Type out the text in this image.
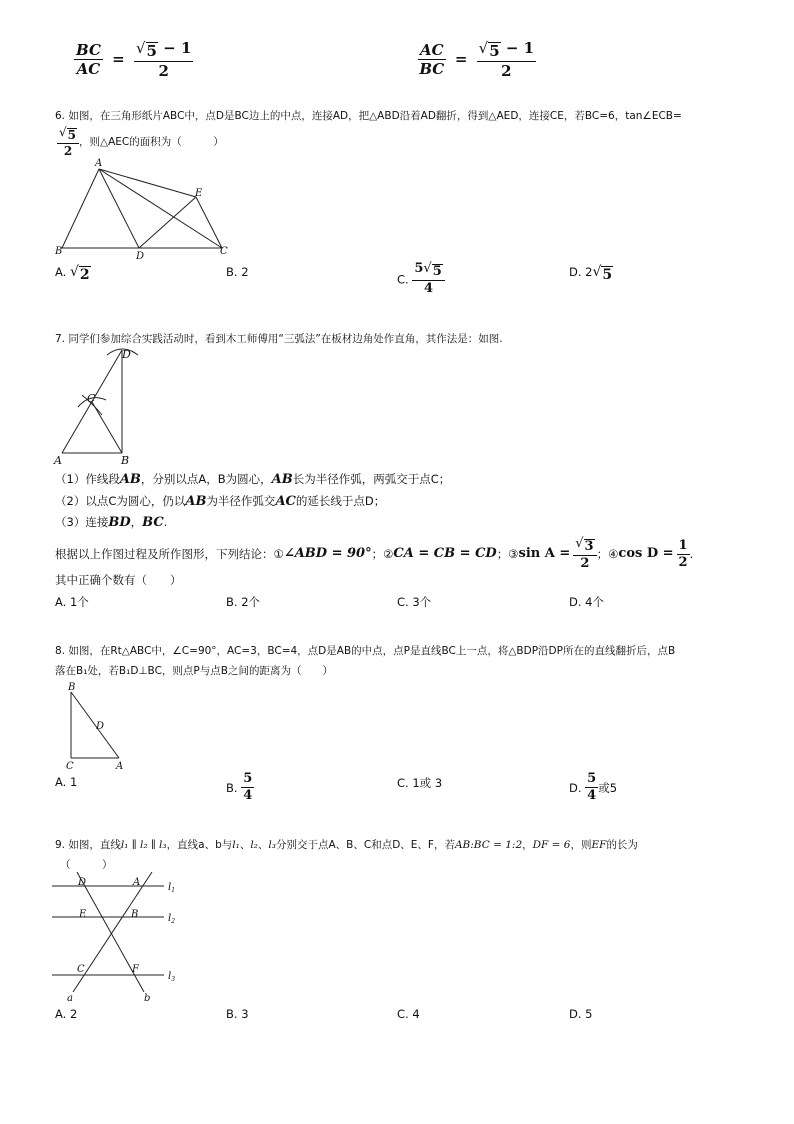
$\frac{BC}{AC} = \frac{√ 5 - 1}{2}$	$\frac{AC}{BC} = \frac{√ 5 - 1}{2}$
6. 如图，在三角形纸片ABC中，点D是BC边上的中点，连接AD，把△ABD沿着AD翻折，得到△AED，连接CE，若BC=6，tan∠ECB=
$\frac{√ 5}{2}$ ，则△AEC的面积为（　　　）
A
B	C
D
E
A. √ 2	B. 2
C. $\frac{5 √ 5}{4}$	D. 2 √ 5
7. 同学们参加综合实践活动时，看到木工师傅用“三弧法”在板材边角处作直角，其作法是：如图.
D
C
A	B
（1）作线段AB，分别以点A，B为圆心，AB长为半径作弧，两弧交于点C；
（2）以点C为圆心，仍以AB为半径作弧交AC的延长线于点D；
（3）连接BD，BC.
根据以上作图过程及所作图形，下列结论：① ∠ABD = 90° ；② CA = CB = CD ；③ $\sin A = \frac{√ 3}{2}$ ；④ $\cos D = \frac{1}{2}$ .
其中正确个数有（　　）
A. 1个	B. 2个	C. 3个	D. 4个
8. 如图，在Rt△ABC中，∠C=90°，AC=3，BC=4，点D是AB的中点，点P是直线BC上一点，将△BDP沿DP所在的直线翻折后，点B
落在B₁处，若B₁D⊥BC，则点P与点B之间的距离为（　　）
B
D
C	A
A. 1	B. $\frac{5}{4}$	C. 1或 3	D. $\frac{5}{4}$ 或5
9. 如图，直线l₁ ∥ l₂ ∥ l₃，直线a、b与l₁、l₂、l₃分别交于点A、B、C和点D、E、F，若AB:BC = 1:2，DF = 6，则EF的长为
（　　　）
D	A
E	B
C	F
a	b
$l_1$
$l_2$
$l_3$
A. 2	B. 3	C. 4	D. 5
